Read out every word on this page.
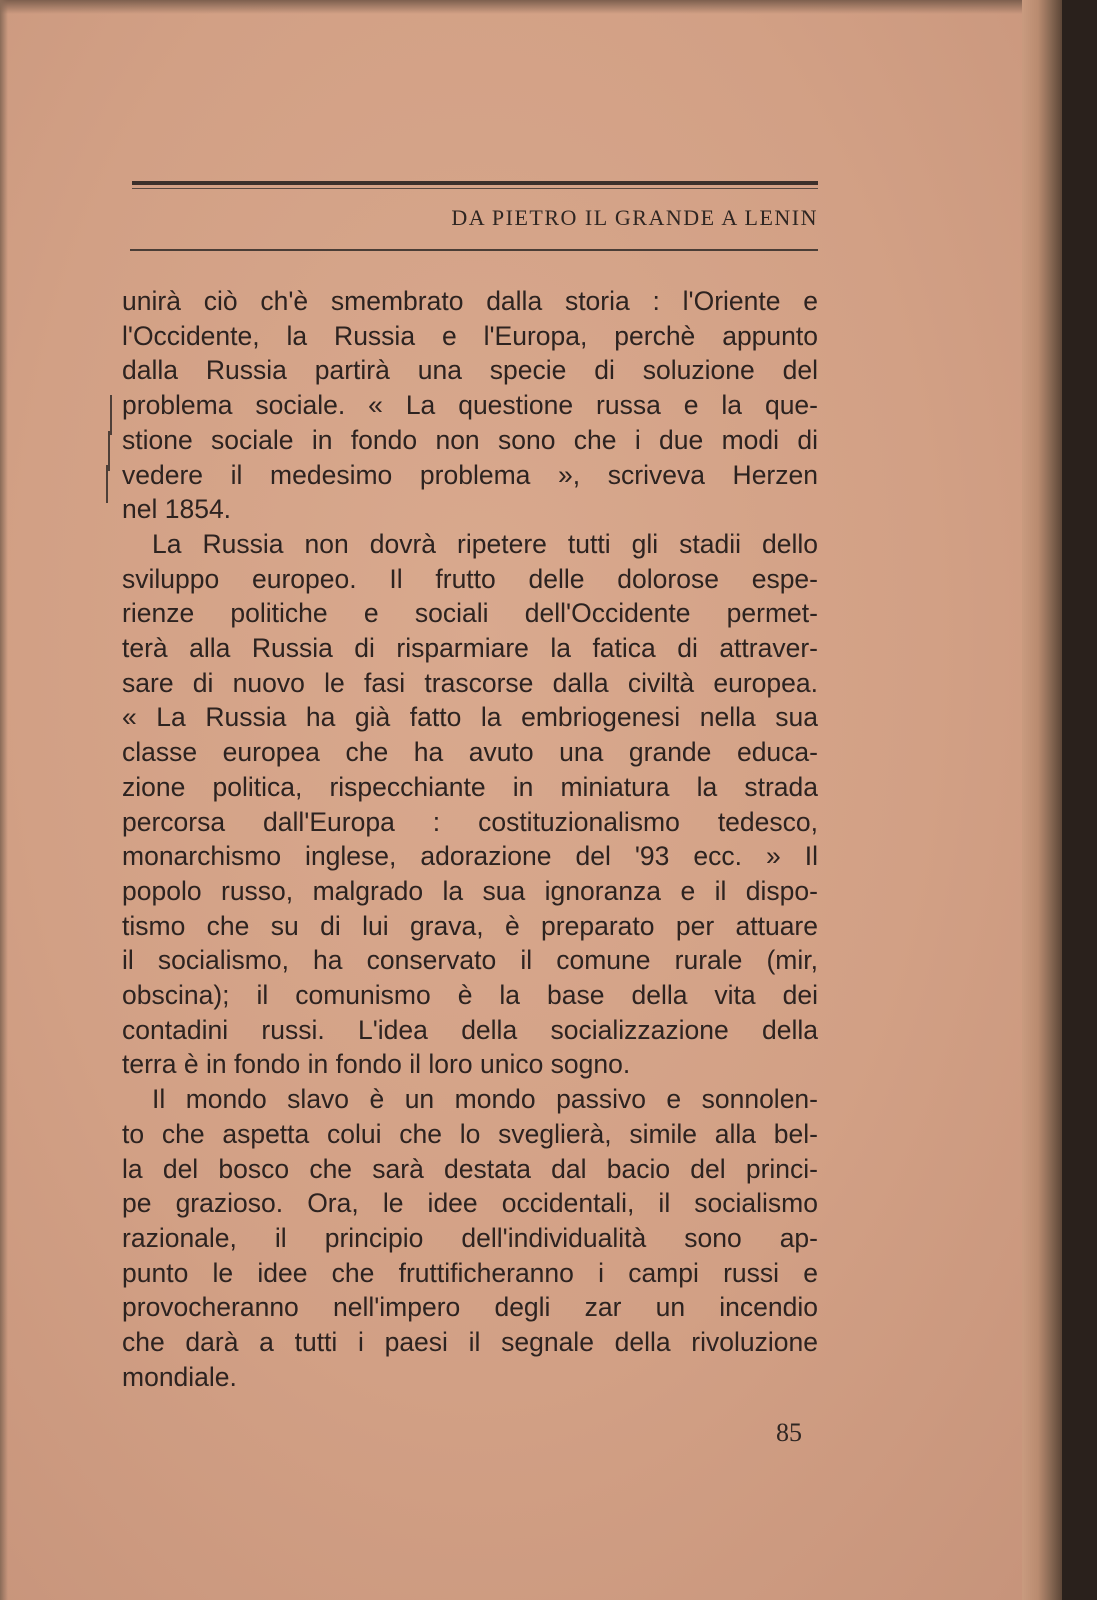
DA PIETRO IL GRANDE A LENIN
unirà ciò ch'è smembrato dalla storia : l'Oriente e
l'Occidente, la Russia e l'Europa, perchè appunto
dalla Russia partirà una specie di soluzione del
problema sociale. « La questione russa e la que-
stione sociale in fondo non sono che i due modi di
vedere il medesimo problema », scriveva Herzen
nel 1854.
La Russia non dovrà ripetere tutti gli stadii dello
sviluppo europeo. Il frutto delle dolorose espe-
rienze politiche e sociali dell'Occidente permet-
terà alla Russia di risparmiare la fatica di attraver-
sare di nuovo le fasi trascorse dalla civiltà europea.
« La Russia ha già fatto la embriogenesi nella sua
classe europea che ha avuto una grande educa-
zione politica, rispecchiante in miniatura la strada
percorsa dall'Europa : costituzionalismo tedesco,
monarchismo inglese, adorazione del '93 ecc. » Il
popolo russo, malgrado la sua ignoranza e il dispo-
tismo che su di lui grava, è preparato per attuare
il socialismo, ha conservato il comune rurale (mir,
obscina); il comunismo è la base della vita dei
contadini russi. L'idea della socializzazione della
terra è in fondo in fondo il loro unico sogno.
Il mondo slavo è un mondo passivo e sonnolen-
to che aspetta colui che lo sveglierà, simile alla bel-
la del bosco che sarà destata dal bacio del princi-
pe grazioso. Ora, le idee occidentali, il socialismo
razionale, il principio dell'individualità sono ap-
punto le idee che fruttificheranno i campi russi e
provocheranno nell'impero degli zar un incendio
che darà a tutti i paesi il segnale della rivoluzione
mondiale.
85
